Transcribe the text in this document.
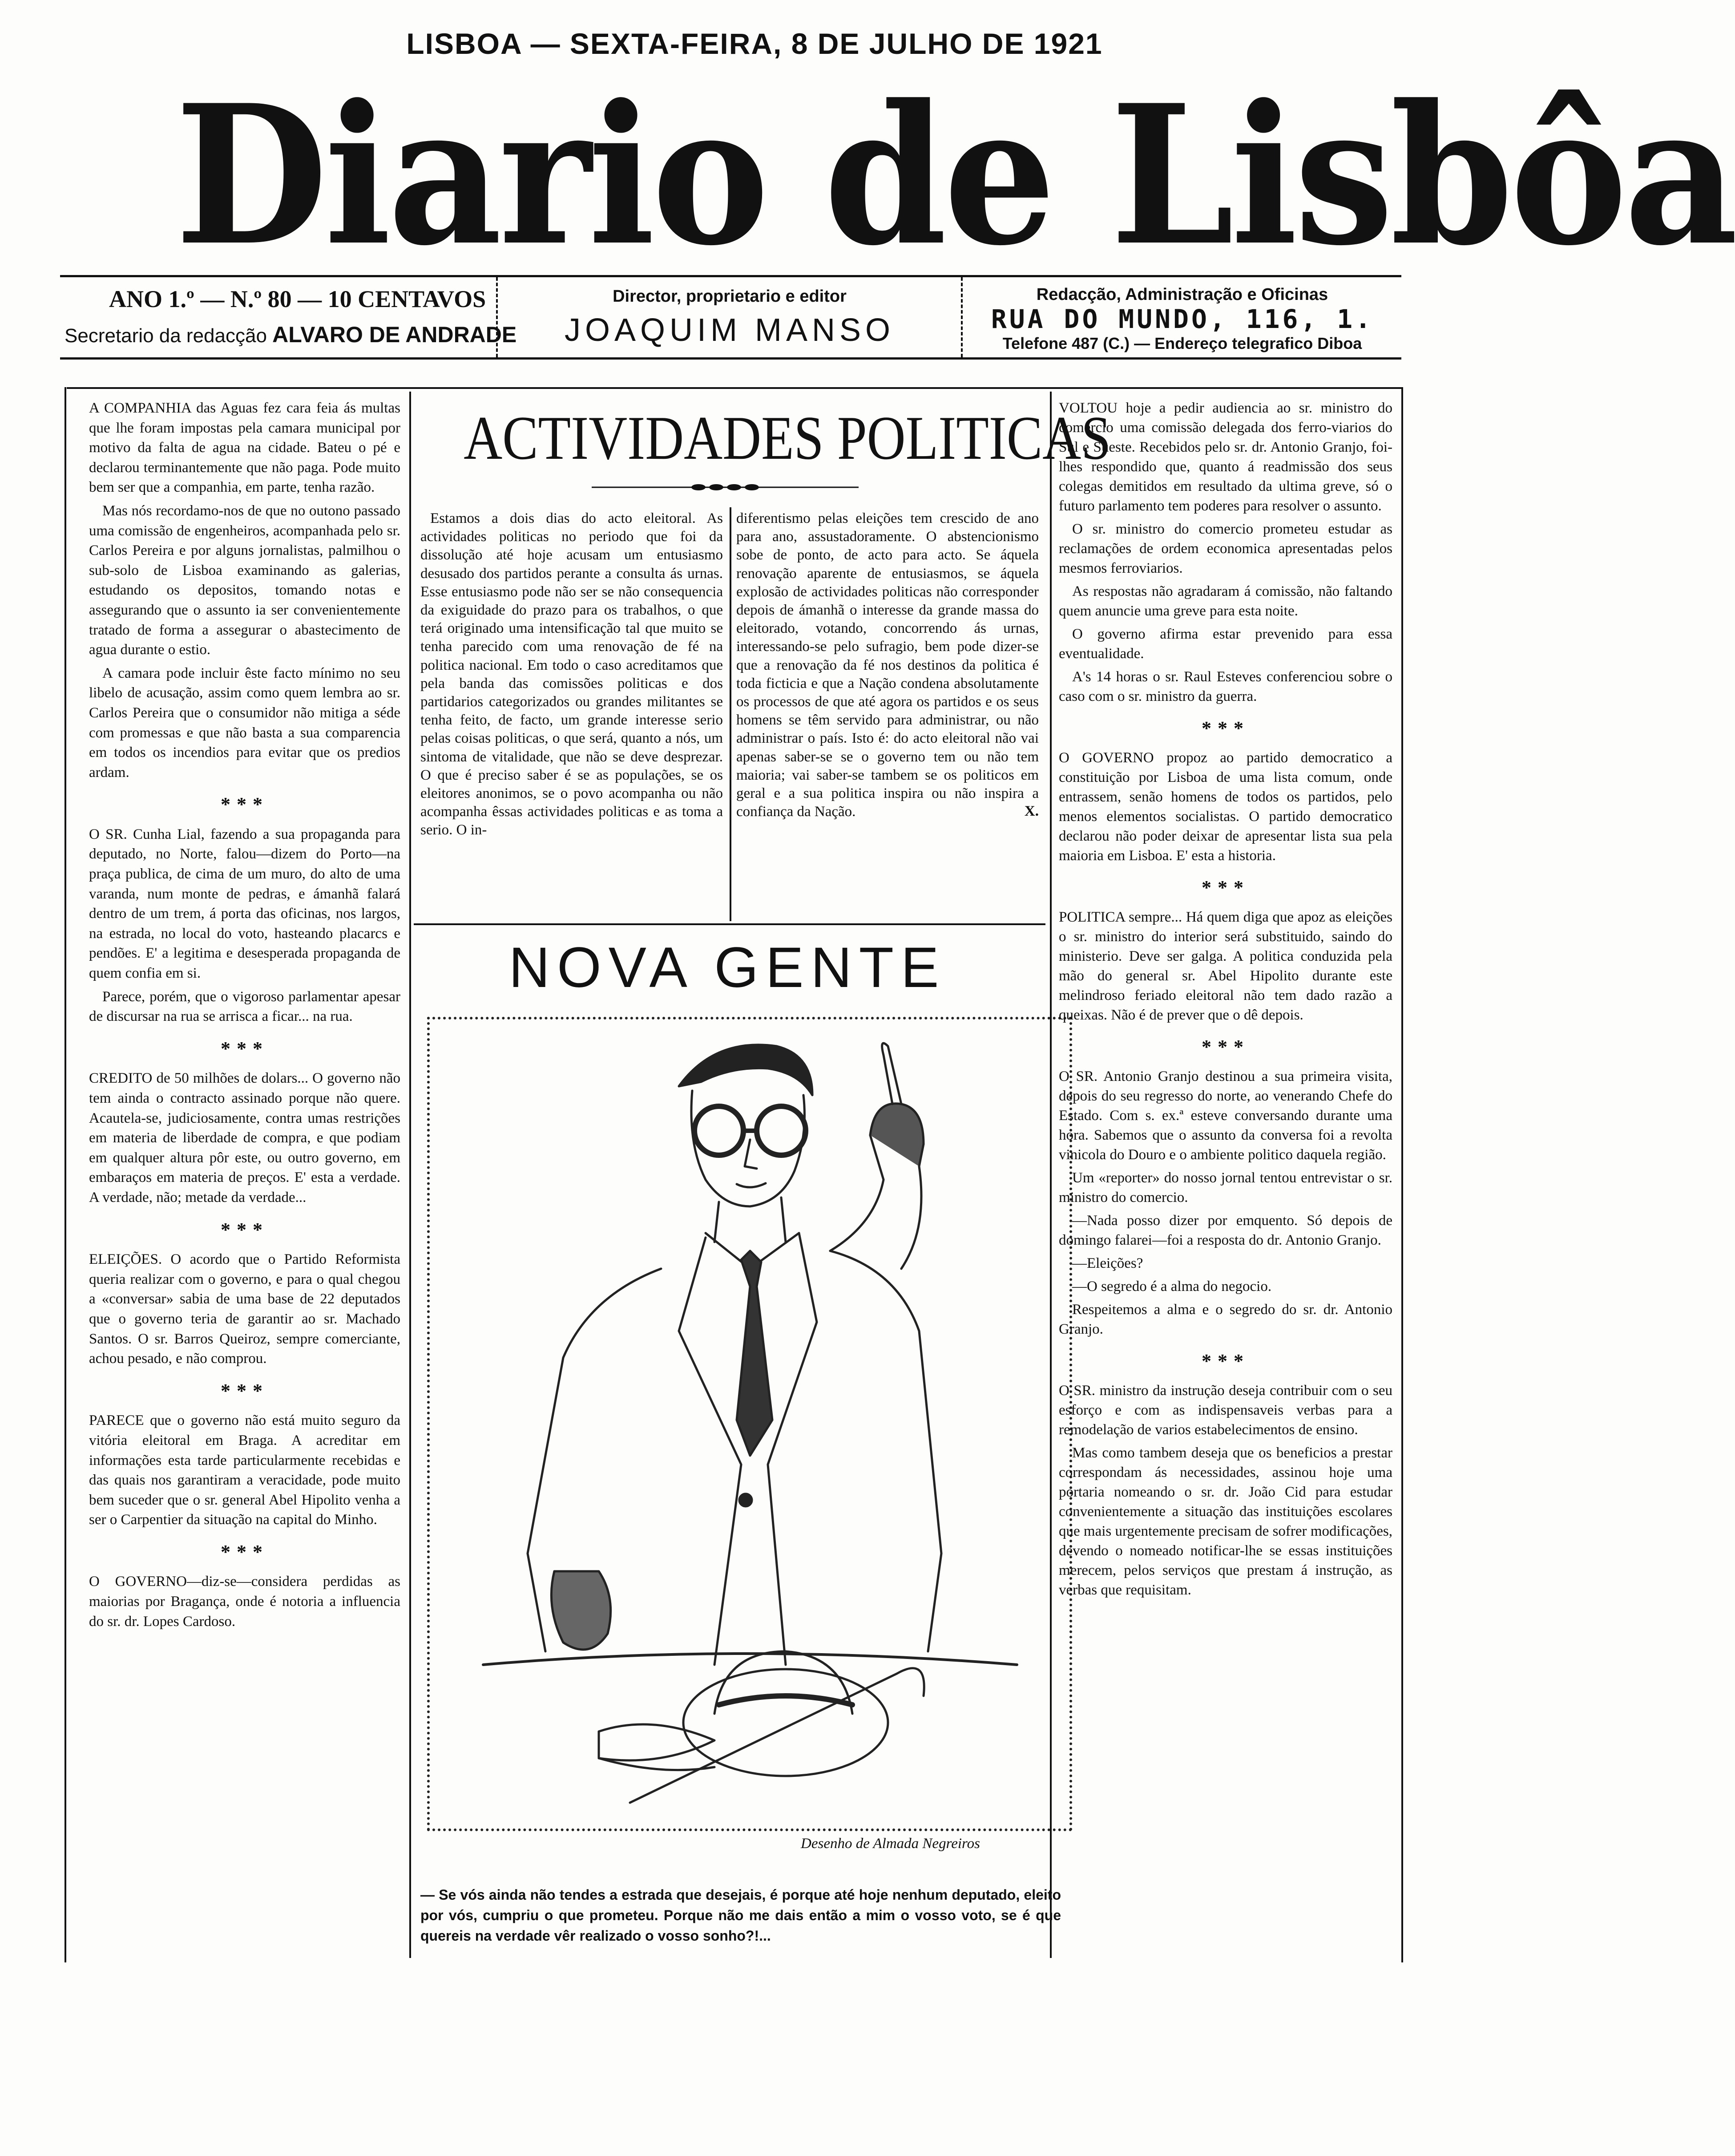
LISBOA — SEXTA-FEIRA, 8 DE JULHO DE 1921
Diario de Lisbôa
ANO 1.º — N.º 80 — 10 CENTAVOS
Secretario da redacção ALVARO DE ANDRADE
Director, proprietario e editor
JOAQUIM MANSO
Redacção, Administração e Oficinas
RUA DO MUNDO, 116, 1.
Telefone 487 (C.) — Endereço telegrafico Diboa

A COMPANHIA das Aguas fez cara feia ás multas que lhe foram impostas pela camara municipal por motivo da falta de agua na cidade. Bateu o pé e declarou terminantemente que não paga. Pode muito bem ser que a companhia, em parte, tenha razão.

Mas nós recordamo-nos de que no outono passado uma comissão de engenheiros, acompanhada pelo sr. Carlos Pereira e por alguns jornalistas, palmilhou o sub-solo de Lisboa examinando as galerias, estudando os depositos, tomando notas e assegurando que o assunto ia ser convenientemente tratado de forma a assegurar o abastecimento de agua durante o estio.

A camara pode incluir êste facto mínimo no seu libelo de acusação, assim como quem lembra ao sr. Carlos Pereira que o consumidor não mitiga a séde com promessas e que não basta a sua comparencia em todos os incendios para evitar que os predios ardam.

***

O SR. Cunha Lial, fazendo a sua propaganda para deputado, no Norte, falou—dizem do Porto—na praça publica, de cima de um muro, do alto de uma varanda, num monte de pedras, e ámanhã falará dentro de um trem, á porta das oficinas, nos largos, na estrada, no local do voto, hasteando placarcs e pendões. E' a legitima e desesperada propaganda de quem confia em si.

Parece, porém, que o vigoroso parlamentar apesar de discursar na rua se arrisca a ficar... na rua.

***

CREDITO de 50 milhões de dolars... O governo não tem ainda o contracto assinado porque não quere. Acautela-se, judiciosamente, contra umas restrições em materia de liberdade de compra, e que podiam em qualquer altura pôr este, ou outro governo, em embaraços em materia de preços. E' esta a verdade. A verdade, não; metade da verdade...

***

ELEIÇÕES. O acordo que o Partido Reformista queria realizar com o governo, e para o qual chegou a «conversar» sabia de uma base de 22 deputados que o governo teria de garantir ao sr. Machado Santos. O sr. Barros Queiroz, sempre comerciante, achou pesado, e não comprou.

***

PARECE que o governo não está muito seguro da vitória eleitoral em Braga. A acreditar em informações esta tarde particularmente recebidas e das quais nos garantiram a veracidade, pode muito bem suceder que o sr. general Abel Hipolito venha a ser o Carpentier da situação na capital do Minho.

***

O GOVERNO—diz-se—considera perdidas as maiorias por Bragança, onde é notoria a influencia do sr. dr. Lopes Cardoso.

ACTIVIDADES POLITICAS

Estamos a dois dias do acto eleitoral. As actividades politicas no periodo que foi da dissolução até hoje acusam um entusiasmo desusado dos partidos perante a consulta ás urnas. Esse entusiasmo pode não ser se não consequencia da exiguidade do prazo para os trabalhos, o que terá originado uma intensificação tal que muito se tenha parecido com uma renovação de fé na politica nacional. Em todo o caso acreditamos que pela banda das comissões politicas e dos partidarios categorizados ou grandes militantes se tenha feito, de facto, um grande interesse serio pelas coisas politicas, o que será, quanto a nós, um sintoma de vitalidade, que não se deve desprezar. O que é preciso saber é se as populações, se os eleitores anonimos, se o povo acompanha ou não acompanha êssas actividades politicas e as toma a serio. O in-

diferentismo pelas eleições tem crescido de ano para ano, assustadoramente. O abstencionismo sobe de ponto, de acto para acto. Se áquela renovação aparente de entusiasmos, se áquela explosão de actividades politicas não corresponder depois de ámanhã o interesse da grande massa do eleitorado, votando, concorrendo ás urnas, interessando-se pelo sufragio, bem pode dizer-se que a renovação da fé nos destinos da politica é toda ficticia e que a Nação condena absolutamente os processos de que até agora os partidos e os seus homens se têm servido para administrar, ou não administrar o país. Isto é: do acto eleitoral não vai apenas saber-se se o governo tem ou não tem maioria; vai saber-se tambem se os politicos em geral e a sua politica inspira ou não inspira a confiança da Nação.	X.
NOVA GENTE
Desenho de Almada Negreiros
— Se vós ainda não tendes a estrada que desejais, é porque até hoje nenhum deputado, eleito por vós, cumpriu o que prometeu. Porque não me dais então a mim o vosso voto, se é que quereis na verdade vêr realizado o vosso sonho?!...

VOLTOU hoje a pedir audiencia ao sr. ministro do comercio uma comissão delegada dos ferro-viarios do Sul e Sueste. Recebidos pelo sr. dr. Antonio Granjo, foi-lhes respondido que, quanto á readmissão dos seus colegas demitidos em resultado da ultima greve, só o futuro parlamento tem poderes para resolver o assunto.

O sr. ministro do comercio prometeu estudar as reclamações de ordem economica apresentadas pelos mesmos ferroviarios.

As respostas não agradaram á comissão, não faltando quem anuncie uma greve para esta noite.

O governo afirma estar prevenido para essa eventualidade.

A's 14 horas o sr. Raul Esteves conferenciou sobre o caso com o sr. ministro da guerra.

***

O GOVERNO propoz ao partido democratico a constituição por Lisboa de uma lista comum, onde entrassem, senão homens de todos os partidos, pelo menos elementos socialistas. O partido democratico declarou não poder deixar de apresentar lista sua pela maioria em Lisboa. E' esta a historia.

***

POLITICA sempre... Há quem diga que apoz as eleições o sr. ministro do interior será substituido, saindo do ministerio. Deve ser galga. A politica conduzida pela mão do general sr. Abel Hipolito durante este melindroso feriado eleitoral não tem dado razão a queixas. Não é de prever que o dê depois.

***

O SR. Antonio Granjo destinou a sua primeira visita, depois do seu regresso do norte, ao venerando Chefe do Estado. Com s. ex.ª esteve conversando durante uma hora. Sabemos que o assunto da conversa foi a revolta vinicola do Douro e o ambiente politico daquela região.

Um «reporter» do nosso jornal tentou entrevistar o sr. ministro do comercio.

—Nada posso dizer por emquento. Só depois de domingo falarei—foi a resposta do dr. Antonio Granjo.

—Eleições?

—O segredo é a alma do negocio.

Respeitemos a alma e o segredo do sr. dr. Antonio Granjo.

***

O SR. ministro da instrução deseja contribuir com o seu esforço e com as indispensaveis verbas para a remodelação de varios estabelecimentos de ensino.

Mas como tambem deseja que os beneficios a prestar correspondam ás necessidades, assinou hoje uma portaria nomeando o sr. dr. João Cid para estudar convenientemente a situação das instituições escolares que mais urgentemente precisam de sofrer modificações, devendo o nomeado notificar-lhe se essas instituições merecem, pelos serviços que prestam á instrução, as verbas que requisitam.
